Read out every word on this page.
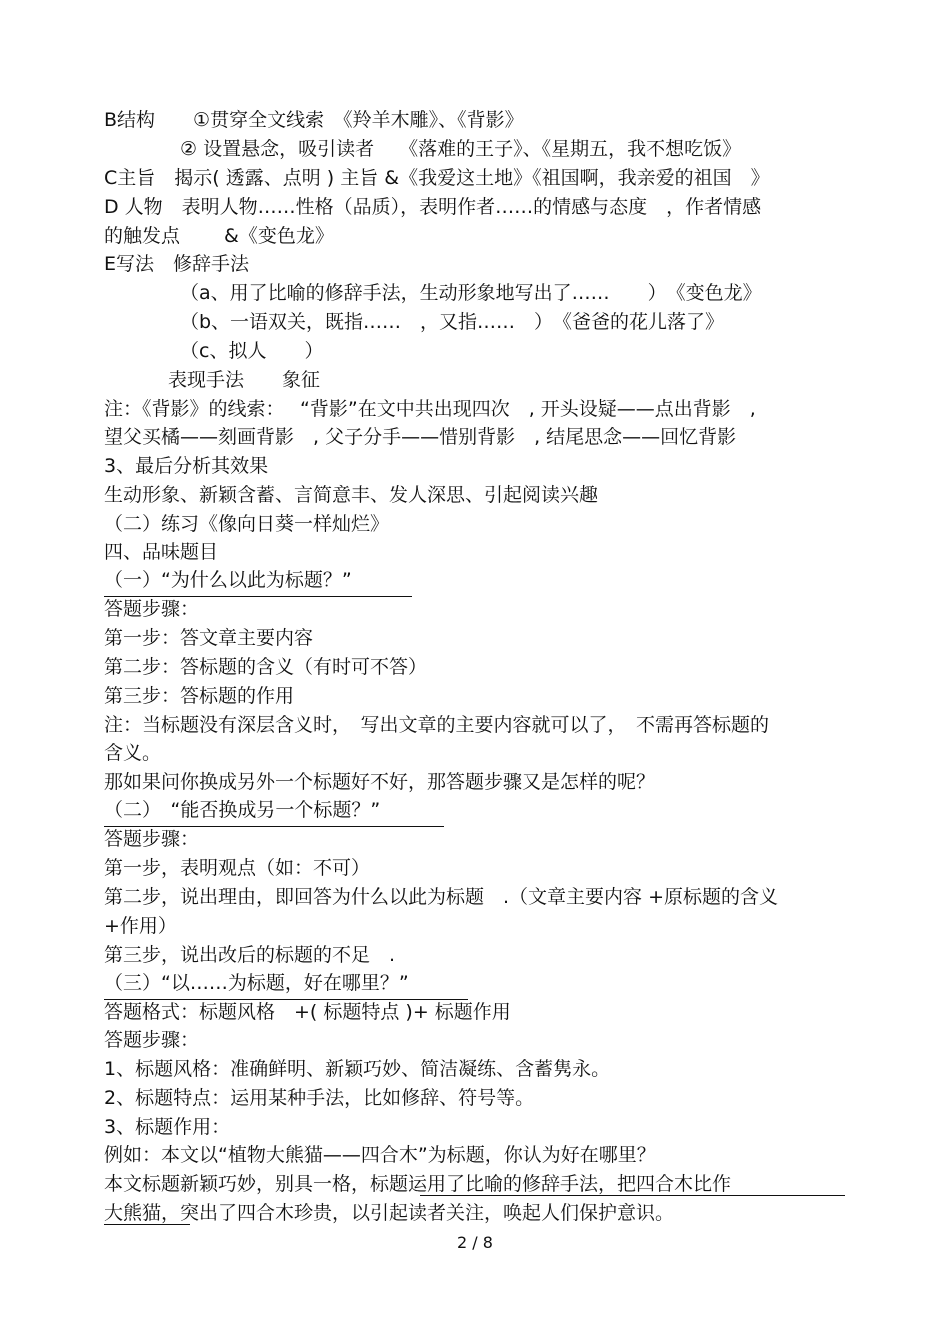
B结构　　①贯穿全文线索　《羚羊木雕》、《背影》
② 设置悬念，吸引读者　 《落难的王子》、《星期五，我不想吃饭》
C主旨　揭示( 透露、点明 ) 主旨 &《我爱这土地》《祖国啊，我亲爱的祖国　》
D 人物　表明人物……性格（品质），表明作者……的情感与态度　，作者情感
的触发点　　 &《变色龙》
E写法　修辞手法
（a、用了比喻的修辞手法，生动形象地写出了……　　）　《变色龙》
（b、一语双关，既指……　，又指……　）　《爸爸的花儿落了》
（c、拟人　　）
表现手法　　象征
注：《背影》的线索：　 “背影”在文中共出现四次　, 开头设疑——点出背影　,
望父买橘——刻画背影　, 父子分手——惜别背影　, 结尾思念——回忆背影
3、最后分析其效果
生动形象、新颖含蓄、言简意丰、发人深思、引起阅读兴趣
（二）练习《像向日葵一样灿烂》
四、品味题目
（一）“为什么以此为标题？”
答题步骤：
第一步：答文章主要内容
第二步：答标题的含义（有时可不答）
第三步：答标题的作用
注：当标题没有深层含义时，　写出文章的主要内容就可以了，　不需再答标题的
含义。
那如果问你换成另外一个标题好不好，那答题步骤又是怎样的呢？
（二）　“能否换成另一个标题？”
答题步骤：
第一步，表明观点（如：不可）
第二步，说出理由，即回答为什么以此为标题　.（文章主要内容 +原标题的含义
+作用）
第三步，说出改后的标题的不足　.
（三）“以……为标题，好在哪里？”
答题格式：标题风格　+( 标题特点 )+ 标题作用
答题步骤：
1、标题风格：准确鲜明、新颖巧妙、简洁凝练、含蓄隽永。
2、标题特点：运用某种手法，比如修辞、符号等。
3、标题作用：
例如：本文以“植物大熊猫——四合木”为标题，你认为好在哪里？
本文标题新颖巧妙，别具一格，标题运用了比喻的修辞手法，把四合木比作
大熊猫，突出了四合木珍贵，以引起读者关注，唤起人们保护意识。
2 / 8
